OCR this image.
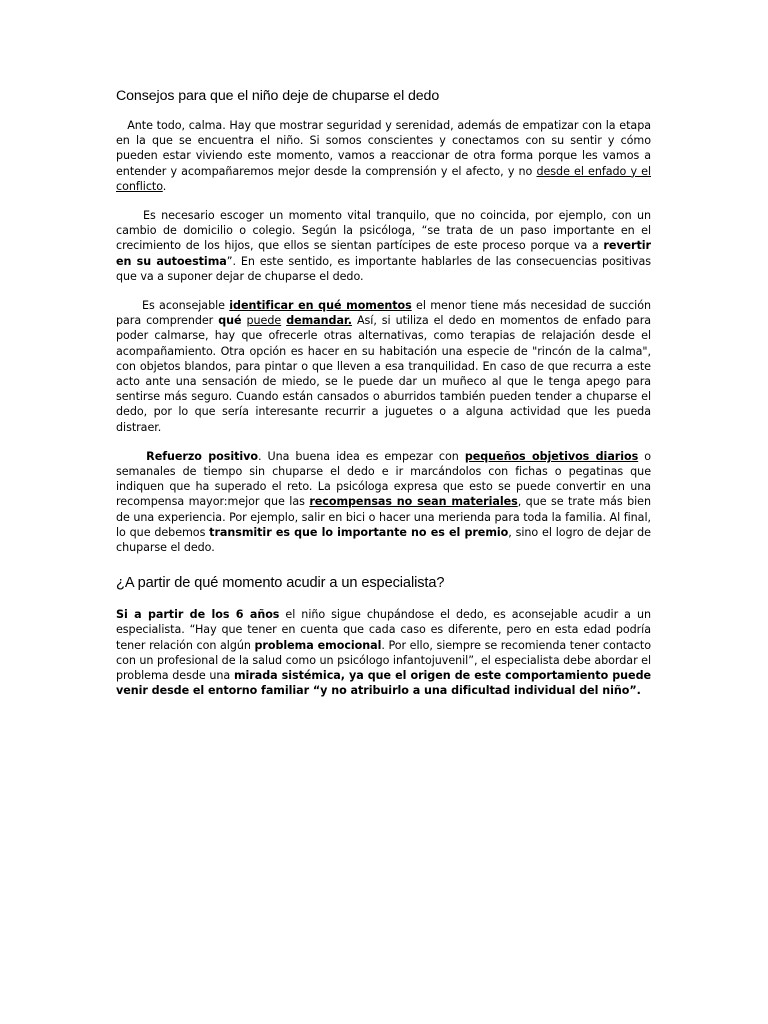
Consejos para que el niño deje de chuparse el dedo

Ante todo, calma. Hay que mostrar seguridad y serenidad, además de empatizar con la etapa en la que se encuentra el niño. Si somos conscientes y conectamos con su sentir y cómo pueden estar viviendo este momento, vamos a reaccionar de otra forma porque les vamos a entender y acompañaremos mejor desde la comprensión y el afecto, y no desde el enfado y el conflicto.

Es necesario escoger un momento vital tranquilo, que no coincida, por ejemplo, con un cambio de domicilio o colegio. Según la psicóloga, “se trata de un paso importante en el crecimiento de los hijos, que ellos se sientan partícipes de este proceso porque va a revertir en su autoestima”. En este sentido, es importante hablarles de las consecuencias positivas que va a suponer dejar de chuparse el dedo.

Es aconsejable identificar en qué momentos el menor tiene más necesidad de succión para comprender qué puede demandar. Así, si utiliza el dedo en momentos de enfado para poder calmarse, hay que ofrecerle otras alternativas, como terapias de relajación desde el acompañamiento. Otra opción es hacer en su habitación una especie de "rincón de la calma", con objetos blandos, para pintar o que lleven a esa tranquilidad. En caso de que recurra a este acto ante una sensación de miedo, se le puede dar un muñeco al que le tenga apego para sentirse más seguro. Cuando están cansados o aburridos también pueden tender a chuparse el dedo, por lo que sería interesante recurrir a juguetes o a alguna actividad que les pueda distraer.

Refuerzo positivo. Una buena idea es empezar con pequeños objetivos diarios o semanales de tiempo sin chuparse el dedo e ir marcándolos con fichas o pegatinas que indiquen que ha superado el reto. La psicóloga expresa que esto se puede convertir en una recompensa mayor:mejor que las recompensas no sean materiales, que se trate más bien de una experiencia. Por ejemplo, salir en bici o hacer una merienda para toda la familia. Al final, lo que debemos transmitir es que lo importante no es el premio, sino el logro de dejar de chuparse el dedo.

¿A partir de qué momento acudir a un especialista?

Si a partir de los 6 años el niño sigue chupándose el dedo, es aconsejable acudir a un especialista. “Hay que tener en cuenta que cada caso es diferente, pero en esta edad podría tener relación con algún problema emocional. Por ello, siempre se recomienda tener contacto con un profesional de la salud como un psicólogo infantojuvenil”, el especialista debe abordar el problema desde una mirada sistémica, ya que el origen de este comportamiento puede venir desde el entorno familiar “y no atribuirlo a una dificultad individual del niño”.
